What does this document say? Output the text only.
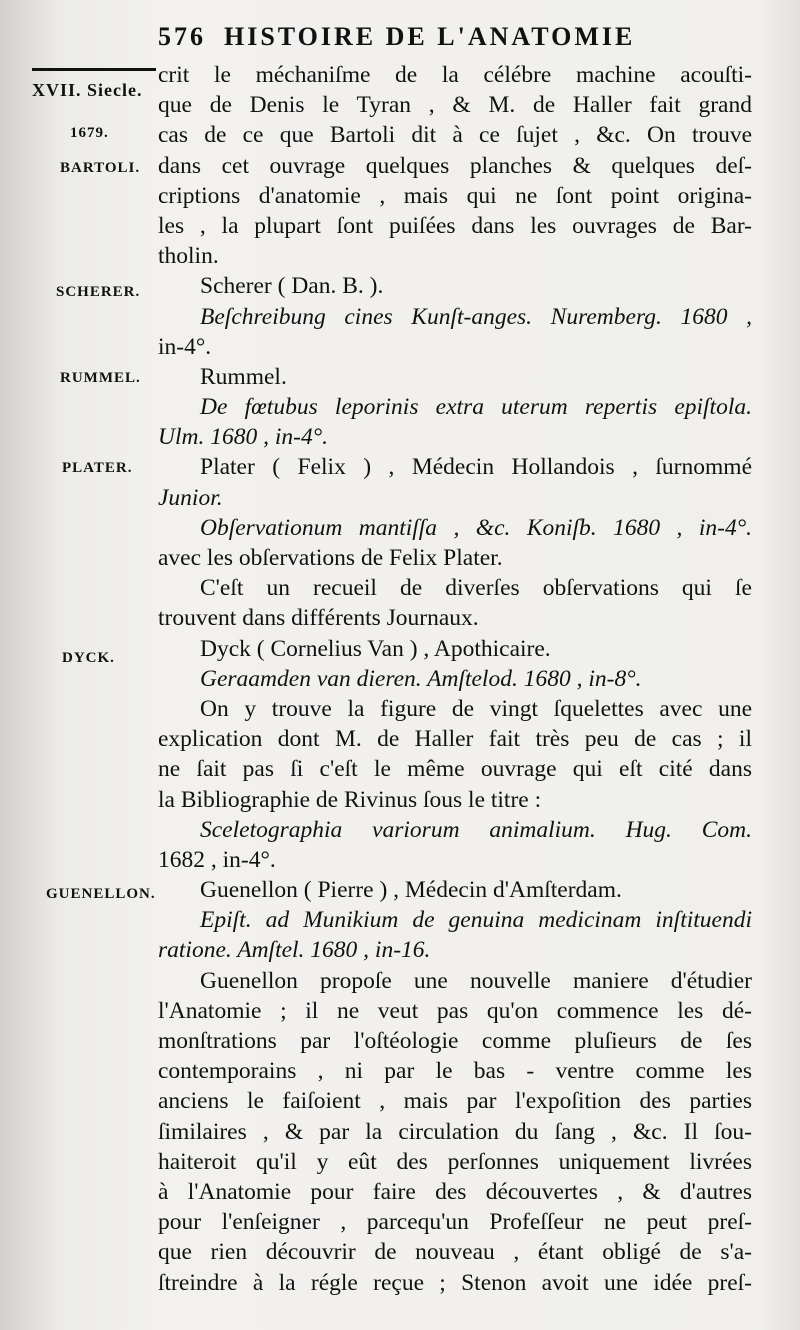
576 HISTOIRE DE L'ANATOMIE
XVII. Siecle.
1679.
BARTOLI.
SCHERER.
RUMMEL.
PLATER.
DYCK.
GUENELLON.
crit le méchaniſme de la célébre machine acouſti-
que de Denis le Tyran , & M. de Haller fait grand
cas de ce que Bartoli dit à ce ſujet , &c. On trouve
dans cet ouvrage quelques planches & quelques deſ-
criptions d'anatomie , mais qui ne ſont point origina-
les , la plupart ſont puiſées dans les ouvrages de Bar-
tholin.
Scherer ( Dan. B. ).
Beſchreibung cines Kunſt-anges. Nuremberg. 1680 ,
in-4°.
Rummel.
De fœtubus leporinis extra uterum repertis epiſtola.
Ulm. 1680 , in-4°.
Plater ( Felix ) , Médecin Hollandois , ſurnommé
Junior.
Obſervationum mantiſſa , &c. Koniſb. 1680 , in-4°.
avec les obſervations de Felix Plater.
C'eſt un recueil de diverſes obſervations qui ſe
trouvent dans différents Journaux.
Dyck ( Cornelius Van ) , Apothicaire.
Geraamden van dieren. Amſtelod. 1680 , in-8°.
On y trouve la figure de vingt ſquelettes avec une
explication dont M. de Haller fait très peu de cas ; il
ne ſait pas ſi c'eſt le même ouvrage qui eſt cité dans
la Bibliographie de Rivinus ſous le titre :
Sceletographia variorum animalium. Hug. Com.
1682 , in-4°.
Guenellon ( Pierre ) , Médecin d'Amſterdam.
Epiſt. ad Munikium de genuina medicinam inſtituendi
ratione. Amſtel. 1680 , in-16.
Guenellon propoſe une nouvelle maniere d'étudier
l'Anatomie ; il ne veut pas qu'on commence les dé-
monſtrations par l'oſtéologie comme pluſieurs de ſes
contemporains , ni par le bas - ventre comme les
anciens le faiſoient , mais par l'expoſition des parties
ſimilaires , & par la circulation du ſang , &c. Il ſou-
haiteroit qu'il y eût des perſonnes uniquement livrées
à l'Anatomie pour faire des découvertes , & d'autres
pour l'enſeigner , parcequ'un Profeſſeur ne peut preſ-
que rien découvrir de nouveau , étant obligé de s'a-
ſtreindre à la régle reçue ; Stenon avoit une idée preſ-
